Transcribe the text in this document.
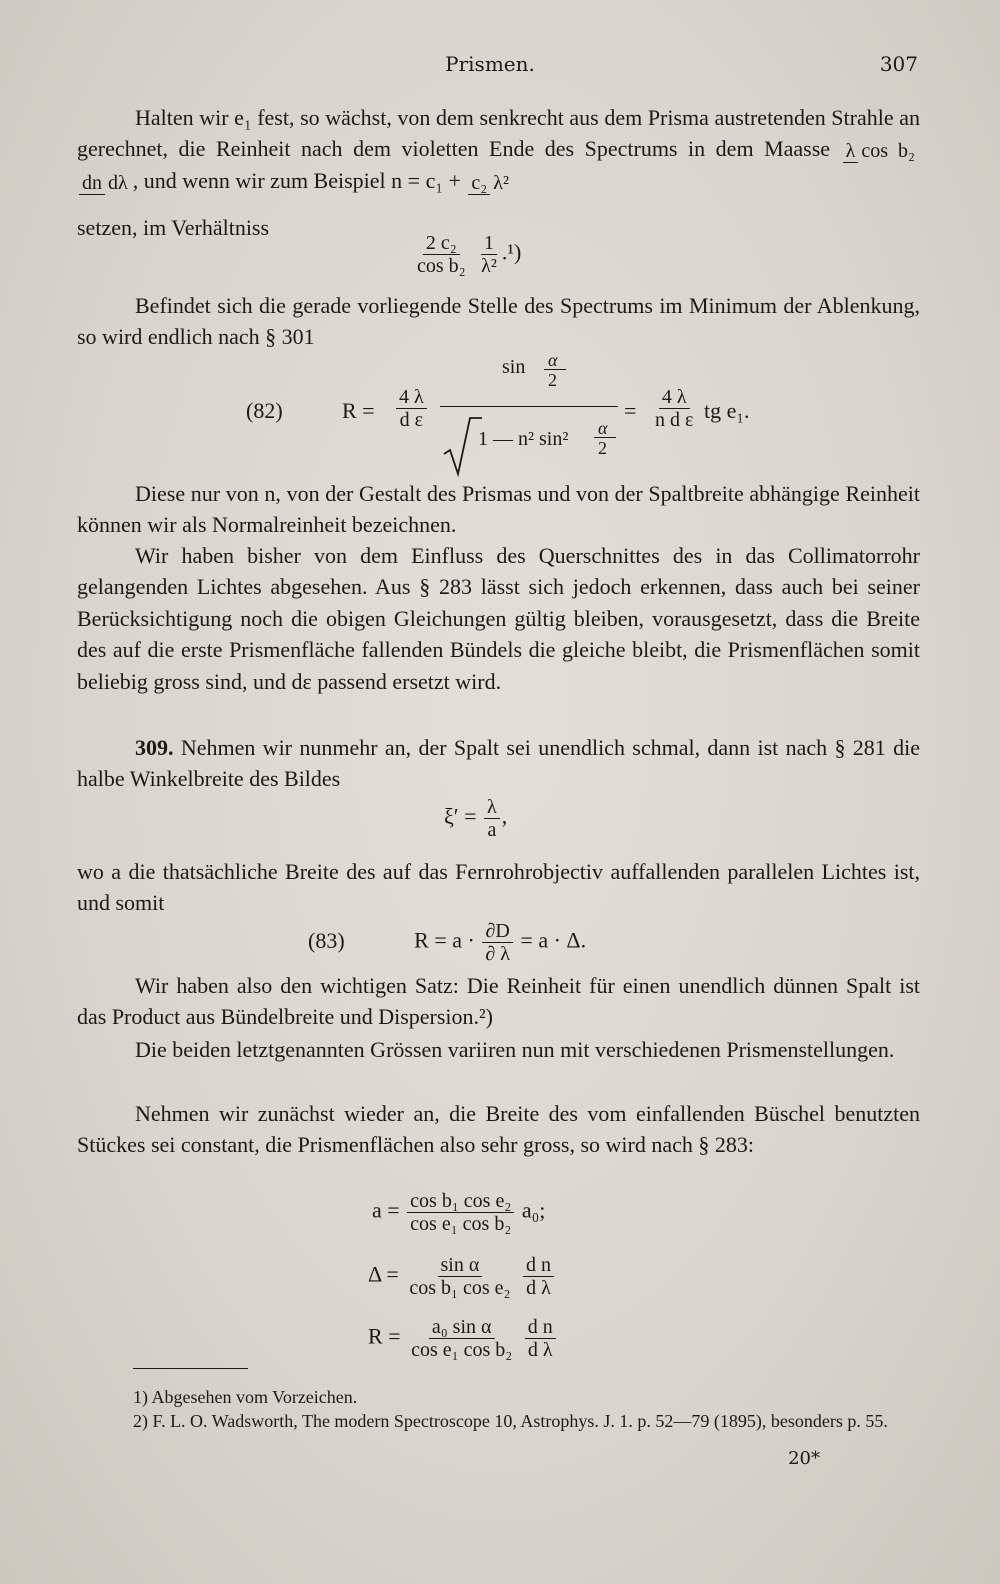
Prismen.	307
Halten wir e₁ fest, so wächst, von dem senkrecht aus dem Prisma austretenden Strahle an gerechnet, die Reinheit nach dem violetten Ende des Spectrums in dem Maasse λ cos b₂ dn dλ , und wenn wir zum Beispiel n = c₁ + c₂ λ²
setzen, im Verhältniss
$\frac{\text{2 c₂}}{\text{cos b₂}}$
$\frac{1}{\text{λ²}} .^1$)
Befindet sich die gerade vorliegende Stelle des Spectrums im Minimum der Ablenkung, so wird endlich nach § 301
(82)	$R = \frac{4 \lambda}{\text{d ε}}$
sin α
2
1 — n² sin² α
2
= $\frac{4 \lambda}{\text{n d ε}}$ tg e₁.
Diese nur von n, von der Gestalt des Prismas und von der Spaltbreite abhängige Reinheit können wir als Normalreinheit bezeichnen.
Wir haben bisher von dem Einfluss des Querschnittes des in das Collimatorrohr gelangenden Lichtes abgesehen. Aus § 283 lässt sich jedoch erkennen, dass auch bei seiner Berücksichtigung noch die obigen Gleichungen gültig bleiben, vorausgesetzt, dass die Breite des auf die erste Prismenfläche fallenden Bündels die gleiche bleibt, die Prismenflächen somit beliebig gross sind, und dε passend ersetzt wird.
309. Nehmen wir nunmehr an, der Spalt sei unendlich schmal, dann ist nach § 281 die halbe Winkelbreite des Bildes
$\xi' = \frac{\lambda}{a}$ ,
wo a die thatsächliche Breite des auf das Fernrohrobjectiv auffallenden parallelen Lichtes ist, und somit
(83)	$R = a \cdot \frac{\partial D}{\partial \lambda} = a \cdot \Delta$.
Wir haben also den wichtigen Satz: Die Reinheit für einen unendlich dünnen Spalt ist das Product aus Bündelbreite und Dispersion.²)
Die beiden letztgenannten Grössen variiren nun mit verschiedenen Prismenstellungen.
Nehmen wir zunächst wieder an, die Breite des vom einfallenden Büschel benutzten Stückes sei constant, die Prismenflächen also sehr gross, so wird nach § 283:
$a = \frac{\text{cos b₁ cos e₂}}{\text{cos e₁ cos b₂}} a_0$;
$\Delta = \frac{\text{sin α}}{\text{cos b₁ cos e₂}}$
$\frac{\text{d n}}{\text{d λ}}$
$R = \frac{\text{a₀ sin α}}{\text{cos e₁ cos b₂}}$
$\frac{\text{d n}}{\text{d λ}}$
1) Abgesehen vom Vorzeichen.
2) F. L. O. Wadsworth, The modern Spectroscope 10, Astrophys. J. 1. p. 52—79 (1895), besonders p. 55.
20*
